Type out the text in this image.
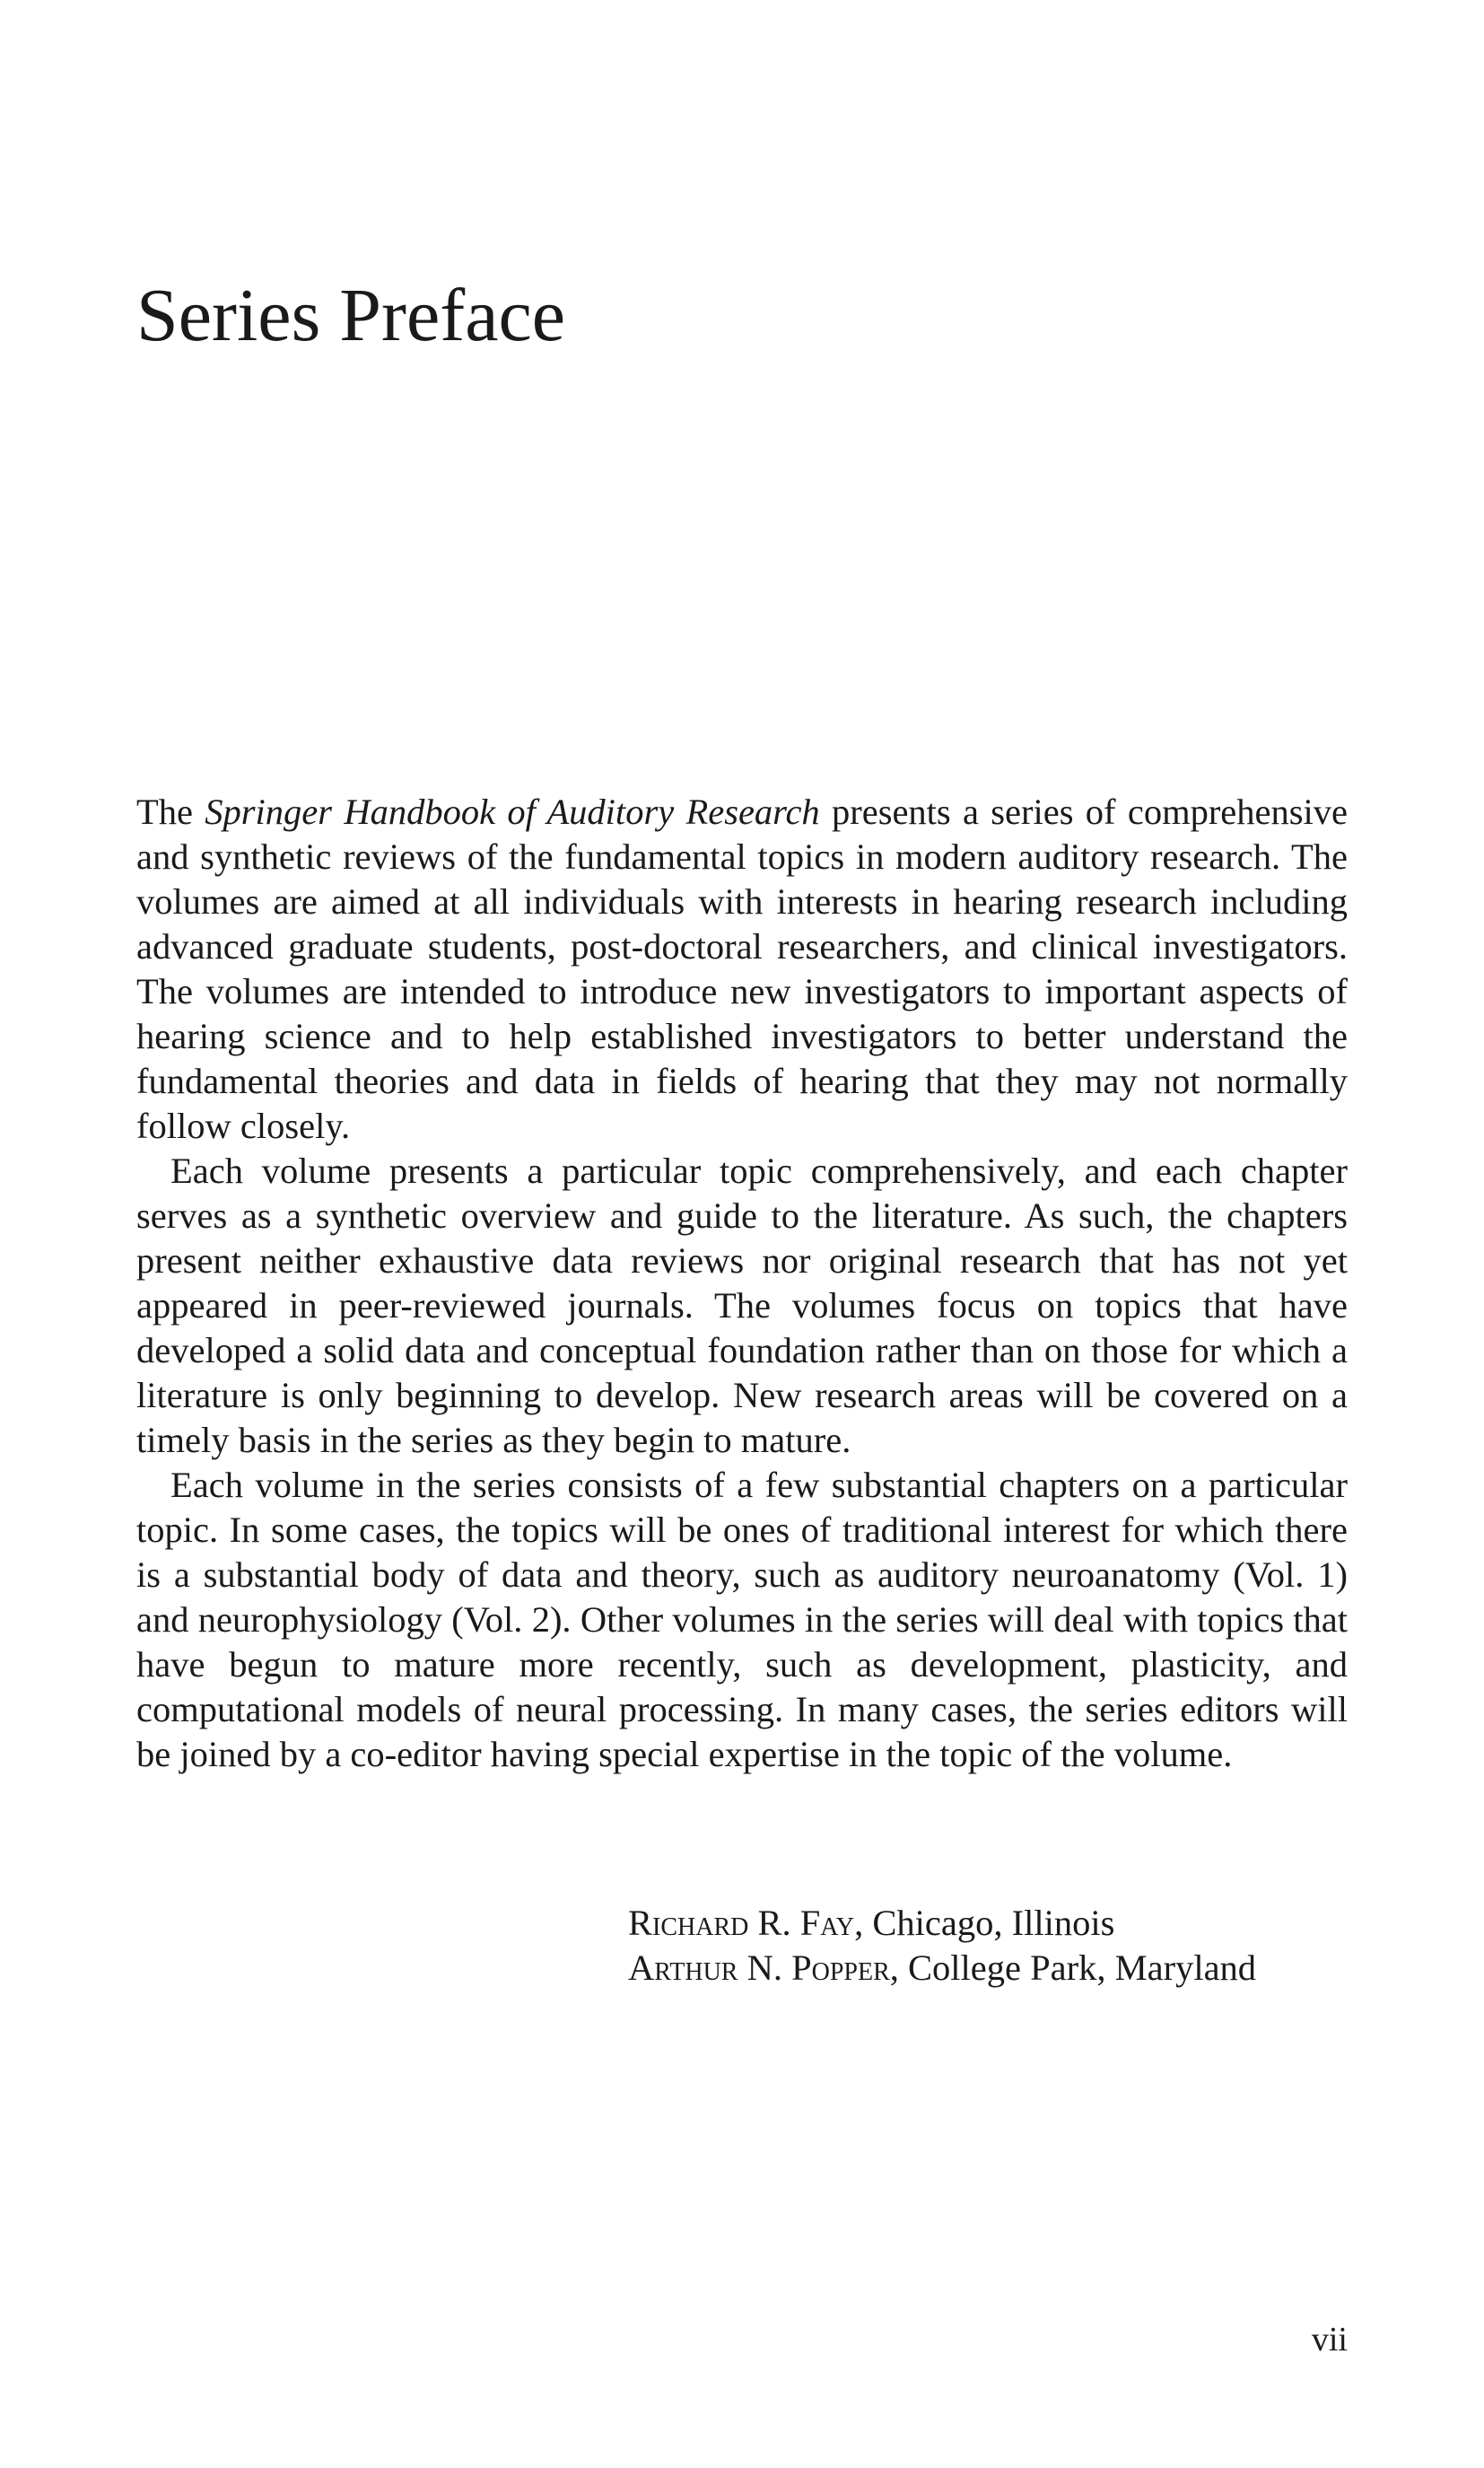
Series Preface

The Springer Handbook of Auditory Research presents a series of comprehensive and synthetic reviews of the fundamental topics in modern auditory research. The volumes are aimed at all individuals with interests in hearing research including advanced graduate students, post-doctoral researchers, and clinical investigators. The volumes are intended to introduce new investigators to important aspects of hearing science and to help established investigators to better understand the fundamental theories and data in fields of hearing that they may not normally follow closely.

Each volume presents a particular topic comprehensively, and each chapter serves as a synthetic overview and guide to the literature. As such, the chapters present neither exhaustive data reviews nor original research that has not yet appeared in peer-reviewed journals. The volumes focus on topics that have developed a solid data and conceptual foundation rather than on those for which a literature is only beginning to develop. New research areas will be covered on a timely basis in the series as they begin to mature.

Each volume in the series consists of a few substantial chapters on a particular topic. In some cases, the topics will be ones of traditional interest for which there is a substantial body of data and theory, such as auditory neuroanatomy (Vol. 1) and neurophysiology (Vol. 2). Other volumes in the series will deal with topics that have begun to mature more recently, such as development, plasticity, and computational models of neural processing. In many cases, the series editors will be joined by a co-editor having special expertise in the topic of the volume.

Richard R. Fay, Chicago, Illinois
Arthur N. Popper, College Park, Maryland
vii
